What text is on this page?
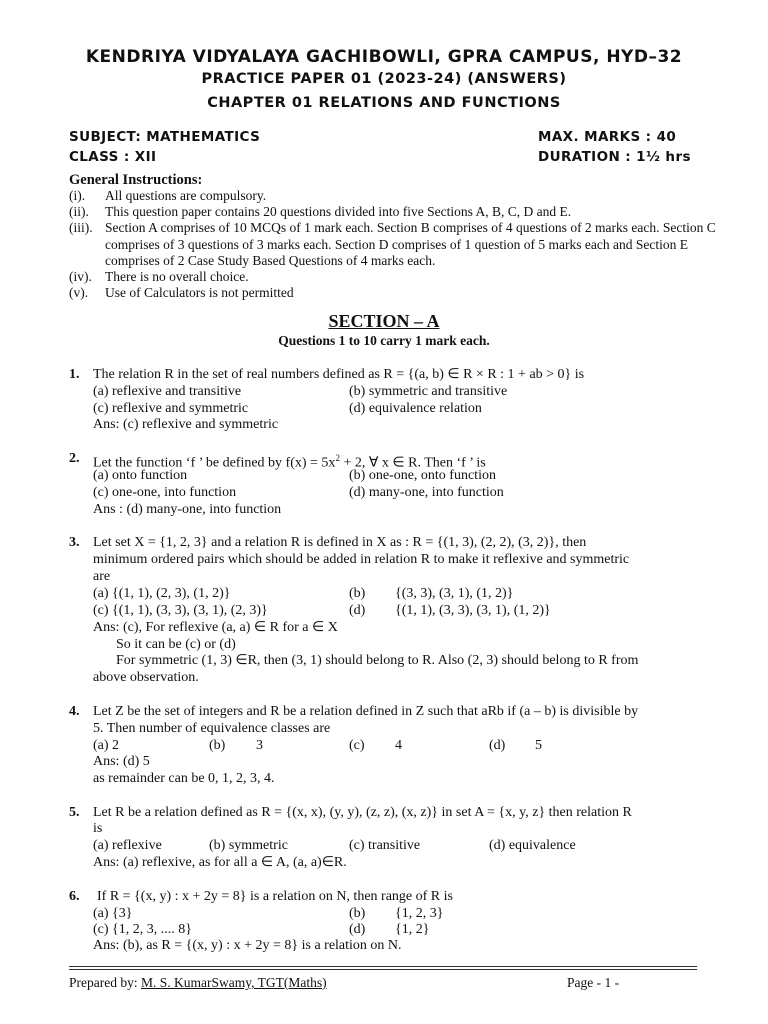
KENDRIYA VIDYALAYA GACHIBOWLI, GPRA CAMPUS, HYD–32
PRACTICE PAPER 01 (2023-24) (ANSWERS)
CHAPTER 01 RELATIONS AND FUNCTIONS
SUBJECT: MATHEMATICS	MAX. MARKS : 40
CLASS : XII	DURATION : 1½ hrs
General Instructions:
(i).	All questions are compulsory.
(ii).	This question paper contains 20 questions divided into five Sections A, B, C, D and E.
(iii). Section A comprises of 10 MCQs of 1 mark each. Section B comprises of 4 questions of 2 marks each. Section C comprises of 3 questions of 3 marks each. Section D comprises of 1 question of 5 marks each and Section E comprises of 2 Case Study Based Questions of 4 marks each.
(iv). There is no overall choice.
(v).	Use of Calculators is not permitted
SECTION – A
Questions 1 to 10 carry 1 mark each.
1. The relation R in the set of real numbers defined as R = {(a, b) ∈ R × R : 1 + ab > 0} is
(a) reflexive and transitive	(b) symmetric and transitive
(c) reflexive and symmetric	(d) equivalence relation
Ans: (c) reflexive and symmetric
2. Let the function ‘f ’ be defined by $f(x) = 5x^2 + 2$, ∀ x ∈ R. Then ‘f ’ is
(a) onto function	(b) one-one, onto function
(c) one-one, into function	(d) many-one, into function
Ans : (d) many-one, into function
3. Let set X = {1, 2, 3} and a relation R is defined in X as : R = {(1, 3), (2, 2), (3, 2)}, then
minimum ordered pairs which should be added in relation R to make it reflexive and symmetric
are
(a) {(1, 1), (2, 3), (1, 2)}	(b) {(3, 3), (3, 1), (1, 2)}
(c) {(1, 1), (3, 3), (3, 1), (2, 3)}	(d) {(1, 1), (3, 3), (3, 1), (1, 2)}
Ans: (c), For reflexive (a, a) ∈ R for a ∈ X
So it can be (c) or (d)
For symmetric (1, 3) ∈R, then (3, 1) should belong to R. Also (2, 3) should belong to R from
above observation.
4. Let Z be the set of integers and R be a relation defined in Z such that aRb if (a – b) is divisible by
5. Then number of equivalence classes are
(a) 2	(b) 3	(c) 4	(d) 5
Ans: (d) 5
as remainder can be 0, 1, 2, 3, 4.
5. Let R be a relation defined as R = {(x, x), (y, y), (z, z), (x, z)} in set A = {x, y, z} then relation R
is
(a) reflexive	(b) symmetric	(c) transitive	(d) equivalence
Ans: (a) reflexive, as for all a ∈ A, (a, a)∈R.
6. If R = {(x, y) : x + 2y = 8} is a relation on N, then range of R is
(a) {3}	(b) {1, 2, 3}
(c) {1, 2, 3, .... 8}	(d) {1, 2}
Ans: (b), as R = {(x, y) : x + 2y = 8} is a relation on N.
Prepared by: M. S. KumarSwamy, TGT(Maths)	Page - 1 -
